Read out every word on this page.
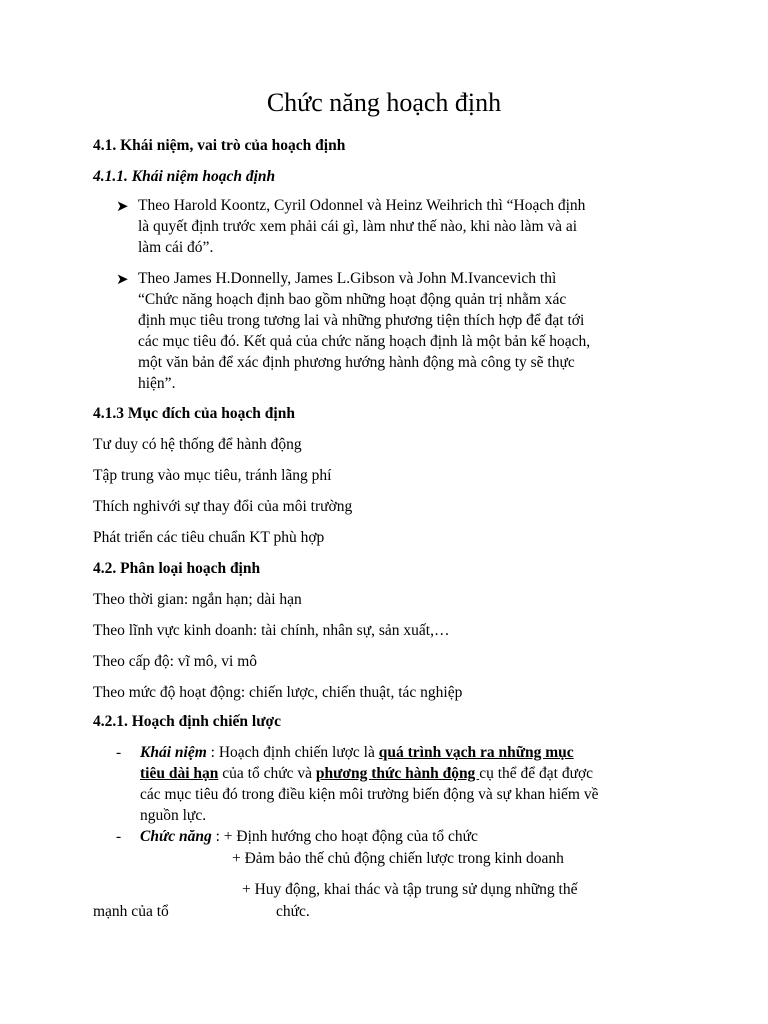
Chức năng hoạch định
4.1. Khái niệm, vai trò của hoạch định
4.1.1. Khái niệm hoạch định
➤ Theo Harold Koontz, Cyril Odonnel và Heinz Weihrich thì “Hoạch định
là quyết định trước xem phải cái gì, làm như thế nào, khi nào làm và ai
làm cái đó”.
➤ Theo James H.Donnelly, James L.Gibson và John M.Ivancevich thì
“Chức năng hoạch định bao gồm những hoạt động quản trị nhằm xác
định mục tiêu trong tương lai và những phương tiện thích hợp để đạt tới
các mục tiêu đó. Kết quả của chức năng hoạch định là một bản kế hoạch,
một văn bản để xác định phương hướng hành động mà công ty sẽ thực
hiện”.
4.1.3 Mục đích của hoạch định
Tư duy có hệ thống để hành động
Tập trung vào mục tiêu, tránh lãng phí
Thích nghivới sự thay đổi của môi trường
Phát triển các tiêu chuẩn KT phù hợp
4.2. Phân loại hoạch định
Theo thời gian: ngắn hạn; dài hạn
Theo lĩnh vực kinh doanh: tài chính, nhân sự, sản xuất,…
Theo cấp độ: vĩ mô, vi mô
Theo mức độ hoạt động: chiến lược, chiến thuật, tác nghiệp
4.2.1. Hoạch định chiến lược
- Khái niệm : Hoạch định chiến lược là quá trình vạch ra những mục
tiêu dài hạn của tổ chức và phương thức hành động cụ thể để đạt được
các mục tiêu đó trong điều kiện môi trường biến động và sự khan hiếm về
nguồn lực.
- Chức năng : + Định hướng cho hoạt động của tổ chức
+ Đảm bảo thế chủ động chiến lược trong kinh doanh
+ Huy động, khai thác và tập trung sử dụng những thế
mạnh của tổ	chức.
